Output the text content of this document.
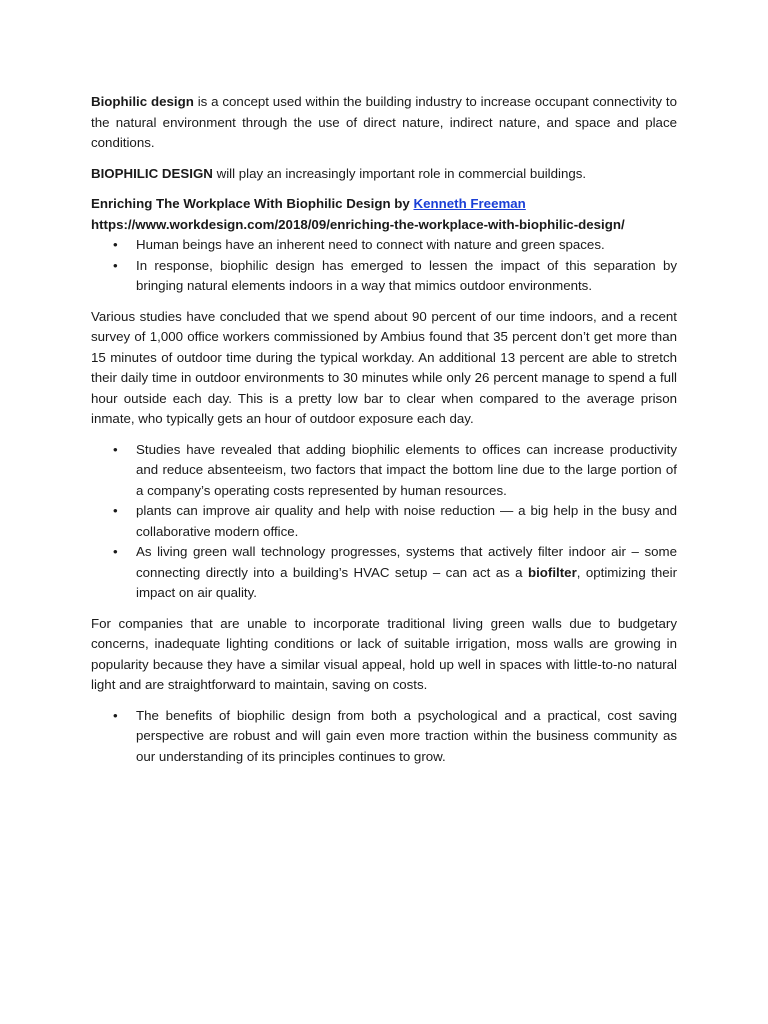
Biophilic design is a concept used within the building industry to increase occupant connectivity to the natural environment through the use of direct nature, indirect nature, and space and place conditions.

BIOPHILIC DESIGN will play an increasingly important role in commercial buildings.

Enriching The Workplace With Biophilic Design by Kenneth Freeman
https://www.workdesign.com/2018/09/enriching-the-workplace-with-biophilic-design/
• Human beings have an inherent need to connect with nature and green spaces.
• In response, biophilic design has emerged to lessen the impact of this separation by bringing natural elements indoors in a way that mimics outdoor environments.

Various studies have concluded that we spend about 90 percent of our time indoors, and a recent survey of 1,000 office workers commissioned by Ambius found that 35 percent don’t get more than 15 minutes of outdoor time during the typical workday. An additional 13 percent are able to stretch their daily time in outdoor environments to 30 minutes while only 26 percent manage to spend a full hour outside each day. This is a pretty low bar to clear when compared to the average prison inmate, who typically gets an hour of outdoor exposure each day.

• Studies have revealed that adding biophilic elements to offices can increase productivity and reduce absenteeism, two factors that impact the bottom line due to the large portion of a company’s operating costs represented by human resources.
• plants can improve air quality and help with noise reduction — a big help in the busy and collaborative modern office.
• As living green wall technology progresses, systems that actively filter indoor air – some connecting directly into a building’s HVAC setup – can act as a biofilter, optimizing their impact on air quality.

For companies that are unable to incorporate traditional living green walls due to budgetary concerns, inadequate lighting conditions or lack of suitable irrigation, moss walls are growing in popularity because they have a similar visual appeal, hold up well in spaces with little-to-no natural light and are straightforward to maintain, saving on costs.

• The benefits of biophilic design from both a psychological and a practical, cost saving perspective are robust and will gain even more traction within the business community as our understanding of its principles continues to grow.
